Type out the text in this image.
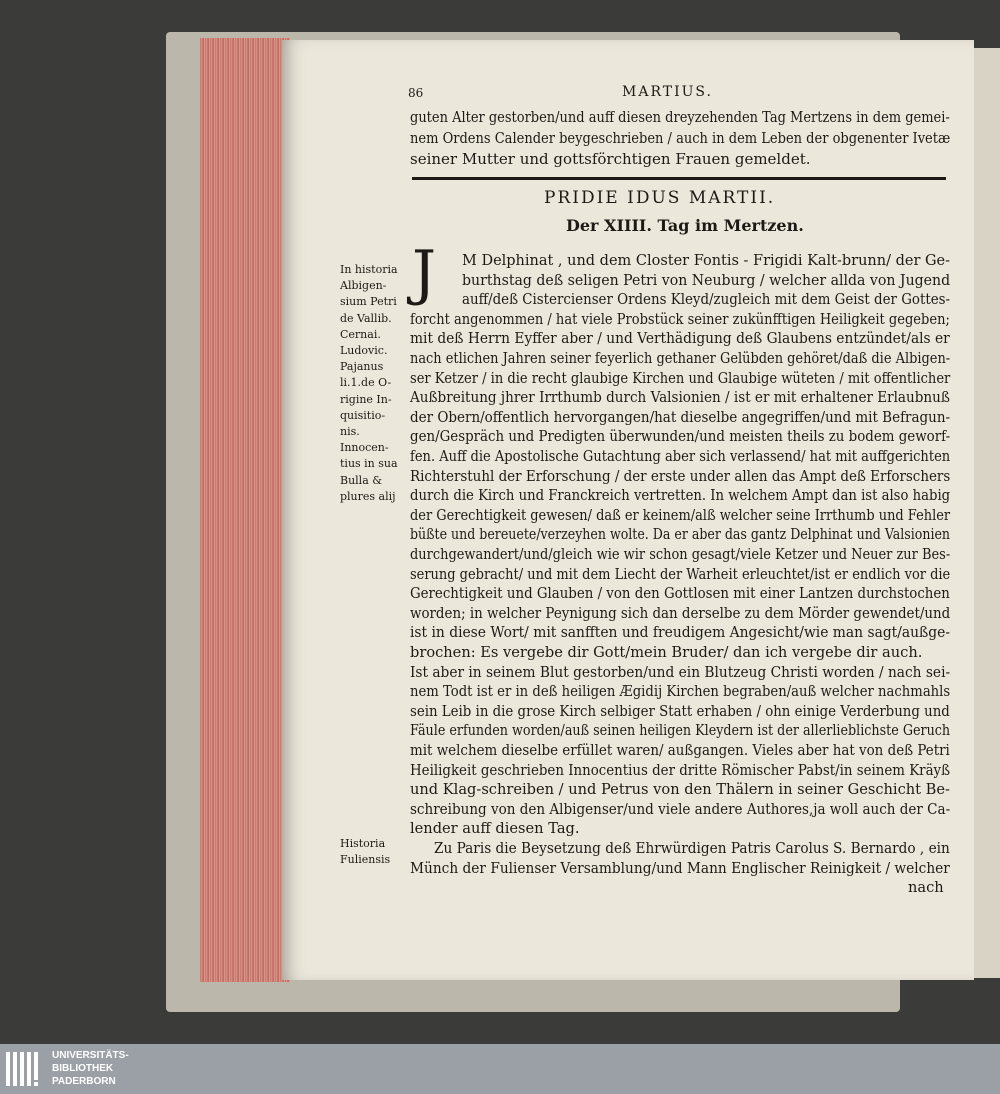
86	MARTIUS.
guten Alter gestorben/und auff diesen dreyzehenden Tag Mertzens in dem gemei-
nem Ordens Calender beygeschrieben / auch in dem Leben der obgenenter Ivetæ
seiner Mutter und gottsförchtigen Frauen gemeldet.
PRIDIE IDUS MARTII.
Der XIIII. Tag im Mertzen.
J
In historia
Albigen-
sium Petri
de Vallib.
Cernai.
Ludovic.
Pajanus
li.1.de O-
rigine In-
quisitio-
nis.
Innocen-
tius in sua
Bulla &
plures alij
Historia
Fuliensis
M Delphinat , und dem Closter Fontis - Frigidi Kalt-brunn/ der Ge-
burthstag deß seligen Petri von Neuburg / welcher allda von Jugend
auff/deß Cistercienser Ordens Kleyd/zugleich mit dem Geist der Gottes-
forcht angenommen / hat viele Probstück seiner zukünfftigen Heiligkeit gegeben;
mit deß Herrn Eyffer aber / und Verthädigung deß Glaubens entzündet/als er
nach etlichen Jahren seiner feyerlich gethaner Gelübden gehöret/daß die Albigen-
ser Ketzer / in die recht glaubige Kirchen und Glaubige wüteten / mit offentlicher
Außbreitung jhrer Irrthumb durch Valsionien / ist er mit erhaltener Erlaubnuß
der Obern/offentlich hervorgangen/hat dieselbe angegriffen/und mit Befragun-
gen/Gespräch und Predigten überwunden/und meisten theils zu bodem geworf-
fen. Auff die Apostolische Gutachtung aber sich verlassend/ hat mit auffgerichten
Richterstuhl der Erforschung / der erste under allen das Ampt deß Erforschers
durch die Kirch und Franckreich vertretten. In welchem Ampt dan ist also habig
der Gerechtigkeit gewesen/ daß er keinem/alß welcher seine Irrthumb und Fehler
büßte und bereuete/verzeyhen wolte. Da er aber das gantz Delphinat und Valsionien
durchgewandert/und/gleich wie wir schon gesagt/viele Ketzer und Neuer zur Bes-
serung gebracht/ und mit dem Liecht der Warheit erleuchtet/ist er endlich vor die
Gerechtigkeit und Glauben / von den Gottlosen mit einer Lantzen durchstochen
worden; in welcher Peynigung sich dan derselbe zu dem Mörder gewendet/und
ist in diese Wort/ mit sanfften und freudigem Angesicht/wie man sagt/außge-
brochen: Es vergebe dir Gott/mein Bruder/ dan ich vergebe dir auch.
Ist aber in seinem Blut gestorben/und ein Blutzeug Christi worden / nach sei-
nem Todt ist er in deß heiligen Ægidij Kirchen begraben/auß welcher nachmahls
sein Leib in die grose Kirch selbiger Statt erhaben / ohn einige Verderbung und
Fäule erfunden worden/auß seinen heiligen Kleydern ist der allerlieblichste Geruch
mit welchem dieselbe erfüllet waren/ außgangen. Vieles aber hat von deß Petri
Heiligkeit geschrieben Innocentius der dritte Römischer Pabst/in seinem Kräyß
und Klag-schreiben / und Petrus von den Thälern in seiner Geschicht Be-
schreibung von den Albigenser/und viele andere Authores,ja woll auch der Ca-
lender auff diesen Tag.
Zu Paris die Beysetzung deß Ehrwürdigen Patris Carolus S. Bernardo , ein
Münch der Fulienser Versamblung/und Mann Englischer Reinigkeit / welcher
nach
UNIVERSITÄTS-
BIBLIOTHEK
PADERBORN
